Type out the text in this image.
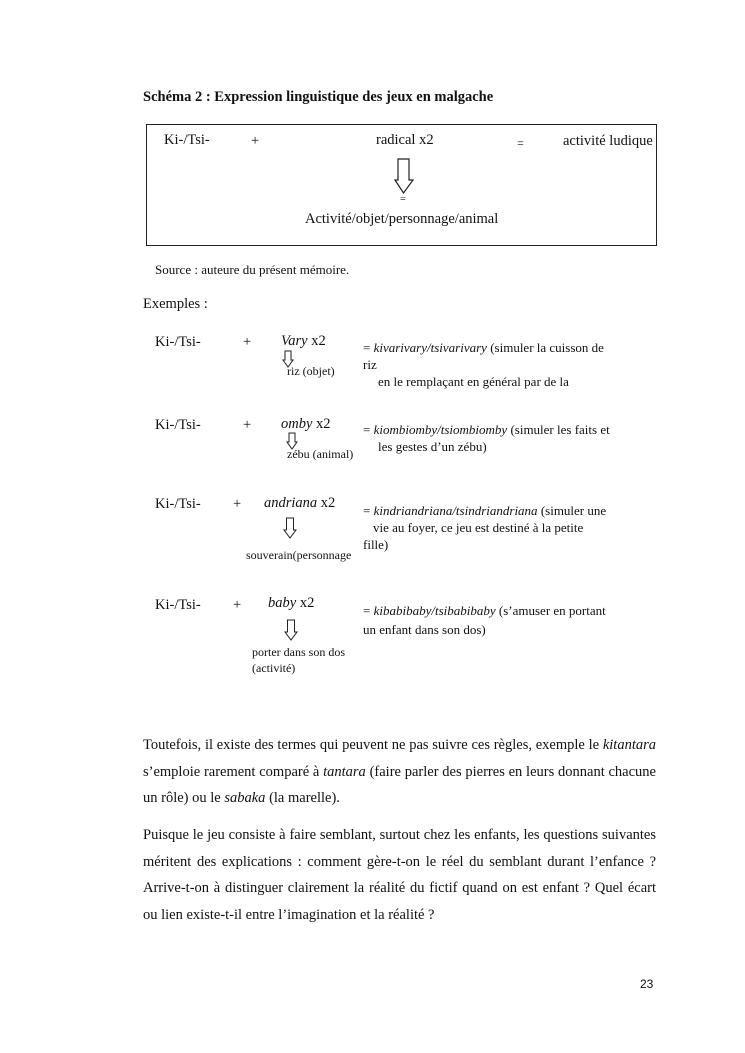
Schéma 2 : Expression linguistique des jeux en malgache
Ki-/Tsi-	+	radical x2	=	activité ludique
=
Activité/objet/personnage/animal
Source : auteure du présent mémoire.
Exemples :
Ki-/Tsi-	+ Vary x2
riz (objet)
= kivarivary/tsivarivary (simuler la cuisson de
riz
en le remplaçant en général par de la
Ki-/Tsi-	+ omby x2
zébu (animal)
= kiombiomby/tsiombiomby (simuler les faits et
les gestes d’un zébu)
Ki-/Tsi- + andriana x2
souverain(personnage
= kindriandriana/tsindriandriana (simuler une
vie au foyer, ce jeu est destiné à la petite
fille)
Ki-/Tsi- + baby x2
porter dans son dos
(activité)
= kibabibaby/tsibabibaby (s’amuser en portant
un enfant dans son dos)
Toutefois, il existe des termes qui peuvent ne pas suivre ces règles, exemple le kitantara s’emploie rarement comparé à tantara (faire parler des pierres en leurs donnant chacune un rôle) ou le sabaka (la marelle).
Puisque le jeu consiste à faire semblant, surtout chez les enfants, les questions suivantes méritent des explications : comment gère-t-on le réel du semblant durant l’enfance ? Arrive-t-on à distinguer clairement la réalité du fictif quand on est enfant ? Quel écart ou lien existe-t-il entre l’imagination et la réalité ?
23
